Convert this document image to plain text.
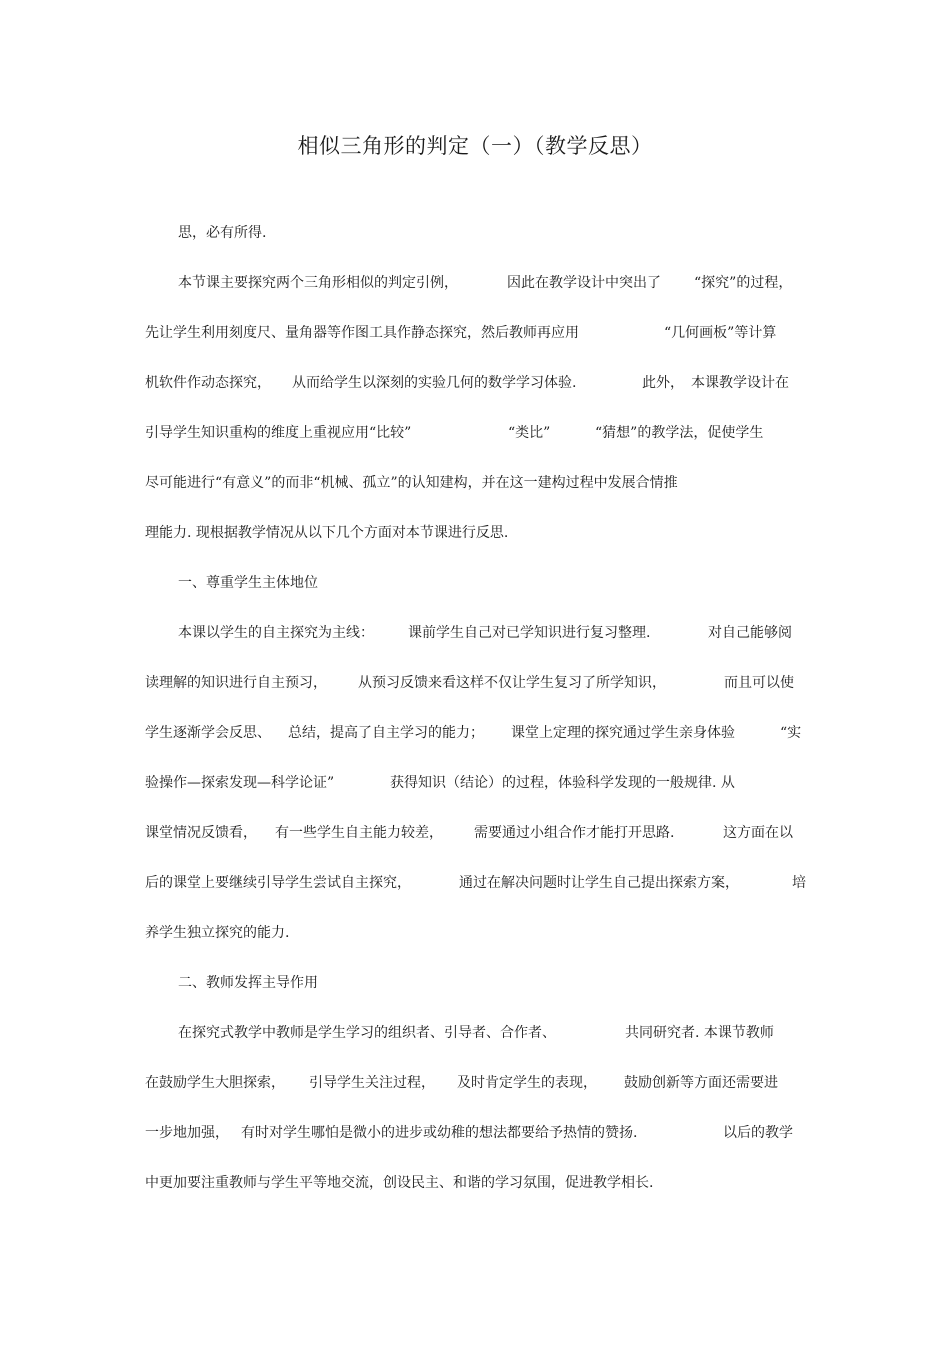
相似三角形的判定（一）（教学反思）

思，必有所得.

本节课主要探究两个三角形相似的判定引例，	因此在教学设计中突出了 “探究”的过程，

先让学生利用刻度尺、量角器等作图工具作静态探究，然后教师再应用	“几何画板”等计算

机软件作动态探究， 从而给学生以深刻的实验几何的数学学习体验.	此外， 本课教学设计在

引导学生知识重构的维度上重视应用“比较”	“类比”	“猜想”的教学法，促使学生

尽可能进行“有意义”的而非“机械、孤立”的认知建构，并在这一建构过程中发展合情推

理能力. 现根据教学情况从以下几个方面对本节课进行反思.

一、尊重学生主体地位

本课以学生的自主探究为主线： 课前学生自己对已学知识进行复习整理.	对自己能够阅

读理解的知识进行自主预习， 从预习反馈来看这样不仅让学生复习了所学知识，	而且可以使

学生逐渐学会反思、 总结，提高了自主学习的能力； 课堂上定理的探究通过学生亲身体验	“实

验操作—探索发现—科学论证”	获得知识（结论）的过程，体验科学发现的一般规律. 从

课堂情况反馈看， 有一些学生自主能力较差， 需要通过小组合作才能打开思路.	这方面在以

后的课堂上要继续引导学生尝试自主探究，	通过在解决问题时让学生自己提出探索方案，	培

养学生独立探究的能力.

二、教师发挥主导作用

在探究式教学中教师是学生学习的组织者、引导者、合作者、	共同研究者. 本课节教师

在鼓励学生大胆探索， 引导学生关注过程， 及时肯定学生的表现， 鼓励创新等方面还需要进

一步地加强， 有时对学生哪怕是微小的进步或幼稚的想法都要给予热情的赞扬.	以后的教学

中更加要注重教师与学生平等地交流，创设民主、和谐的学习氛围，促进教学相长.
